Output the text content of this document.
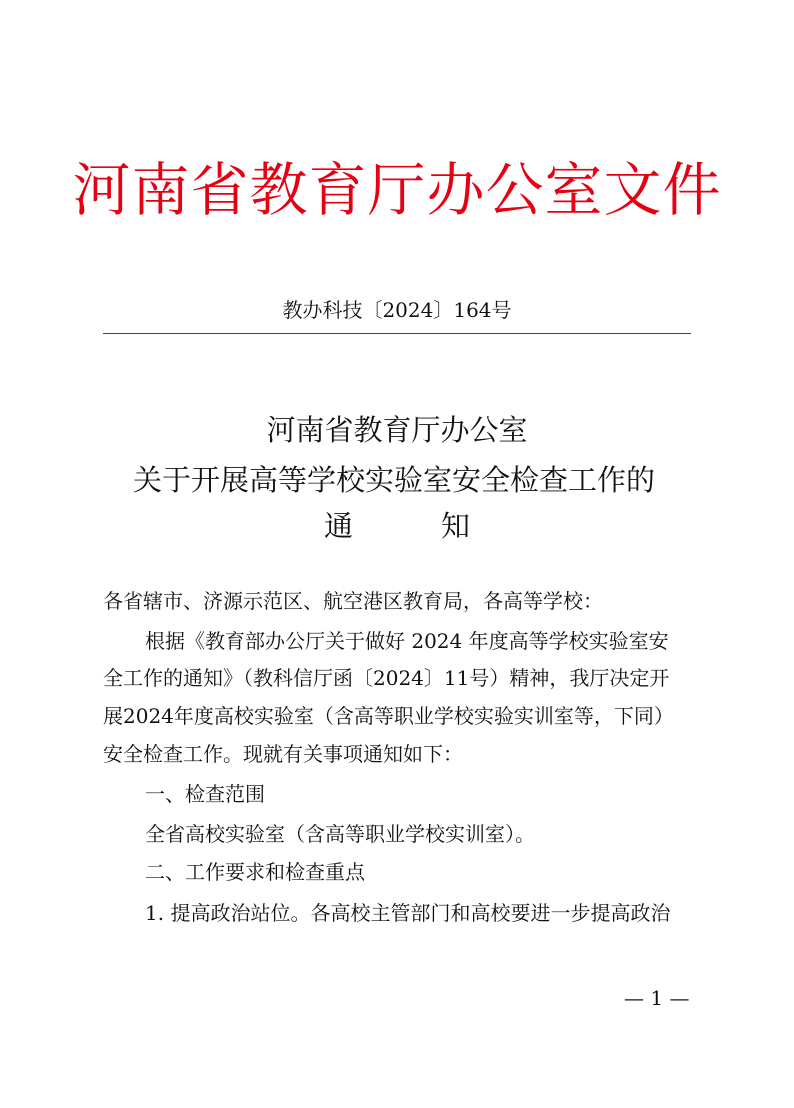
河南省教育厅办公室文件
教办科技〔2024〕164号
河南省教育厅办公室
关于开展高等学校实验室安全检查工作的
通	知
各省辖市、济源示范区、航空港区教育局，各高等学校：
根据《教育部办公厅关于做好 2024 年度高等学校实验室安
全工作的通知》（教科信厅函〔2024〕11号）精神，我厅决定开
展2024年度高校实验室（含高等职业学校实验实训室等，下同）
安全检查工作。现就有关事项通知如下：
一、检查范围
全省高校实验室（含高等职业学校实训室）。
二、工作要求和检查重点
1. 提高政治站位。各高校主管部门和高校要进一步提高政治
— 1 —
